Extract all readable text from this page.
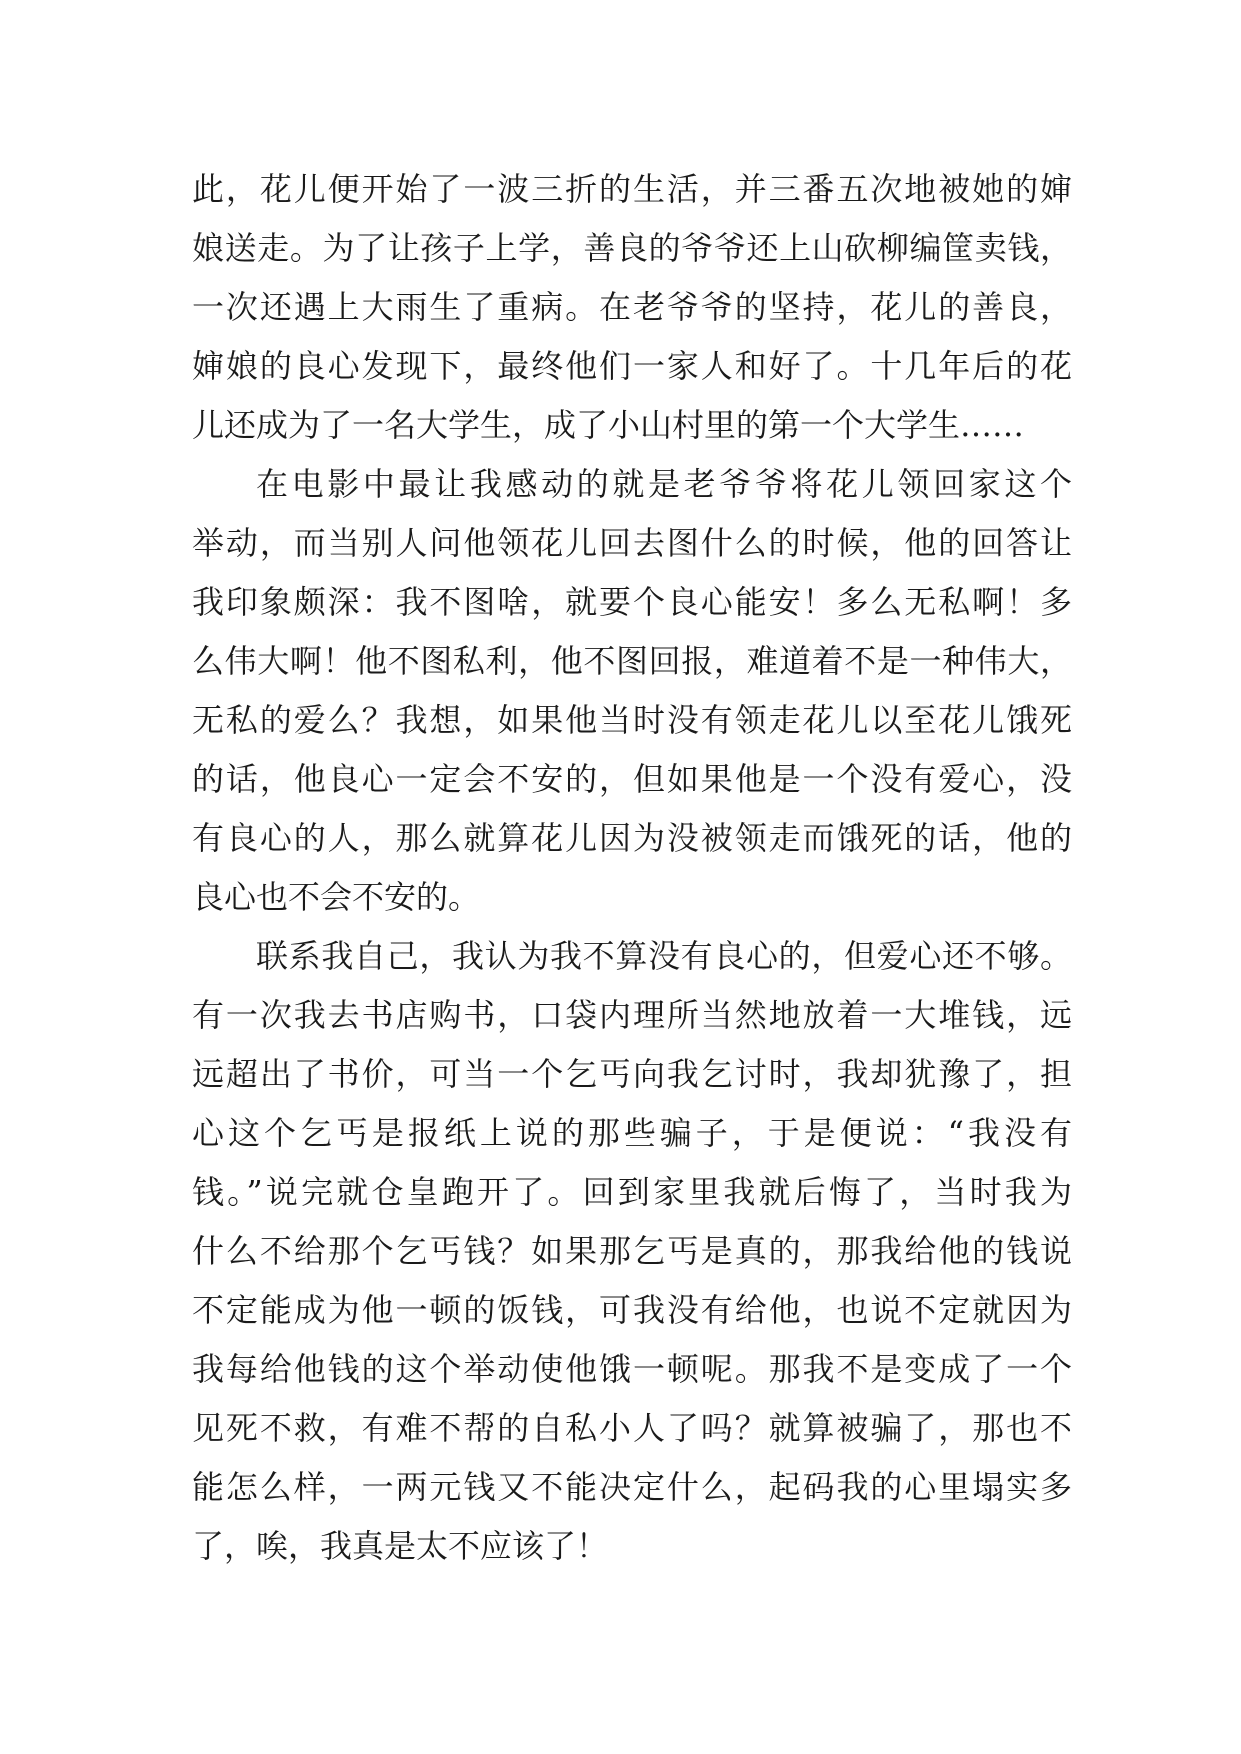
此，花儿便开始了一波三折的生活，并三番五次地被她的婶
娘送走。为了让孩子上学，善良的爷爷还上山砍柳编筐卖钱，
一次还遇上大雨生了重病。在老爷爷的坚持，花儿的善良，
婶娘的良心发现下，最终他们一家人和好了。十几年后的花
儿还成为了一名大学生，成了小山村里的第一个大学生……
在电影中最让我感动的就是老爷爷将花儿领回家这个
举动，而当别人问他领花儿回去图什么的时候，他的回答让
我印象颇深：我不图啥，就要个良心能安！多么无私啊！多
么伟大啊！他不图私利，他不图回报，难道着不是一种伟大，
无私的爱么？我想，如果他当时没有领走花儿以至花儿饿死
的话，他良心一定会不安的，但如果他是一个没有爱心，没
有良心的人，那么就算花儿因为没被领走而饿死的话，他的
良心也不会不安的。
联系我自己，我认为我不算没有良心的，但爱心还不够。
有一次我去书店购书，口袋内理所当然地放着一大堆钱，远
远超出了书价，可当一个乞丐向我乞讨时，我却犹豫了，担
心这个乞丐是报纸上说的那些骗子，于是便说：“我没有
钱。”说完就仓皇跑开了。回到家里我就后悔了，当时我为
什么不给那个乞丐钱？如果那乞丐是真的，那我给他的钱说
不定能成为他一顿的饭钱，可我没有给他，也说不定就因为
我每给他钱的这个举动使他饿一顿呢。那我不是变成了一个
见死不救，有难不帮的自私小人了吗？就算被骗了，那也不
能怎么样，一两元钱又不能决定什么，起码我的心里塌实多
了，唉，我真是太不应该了！
